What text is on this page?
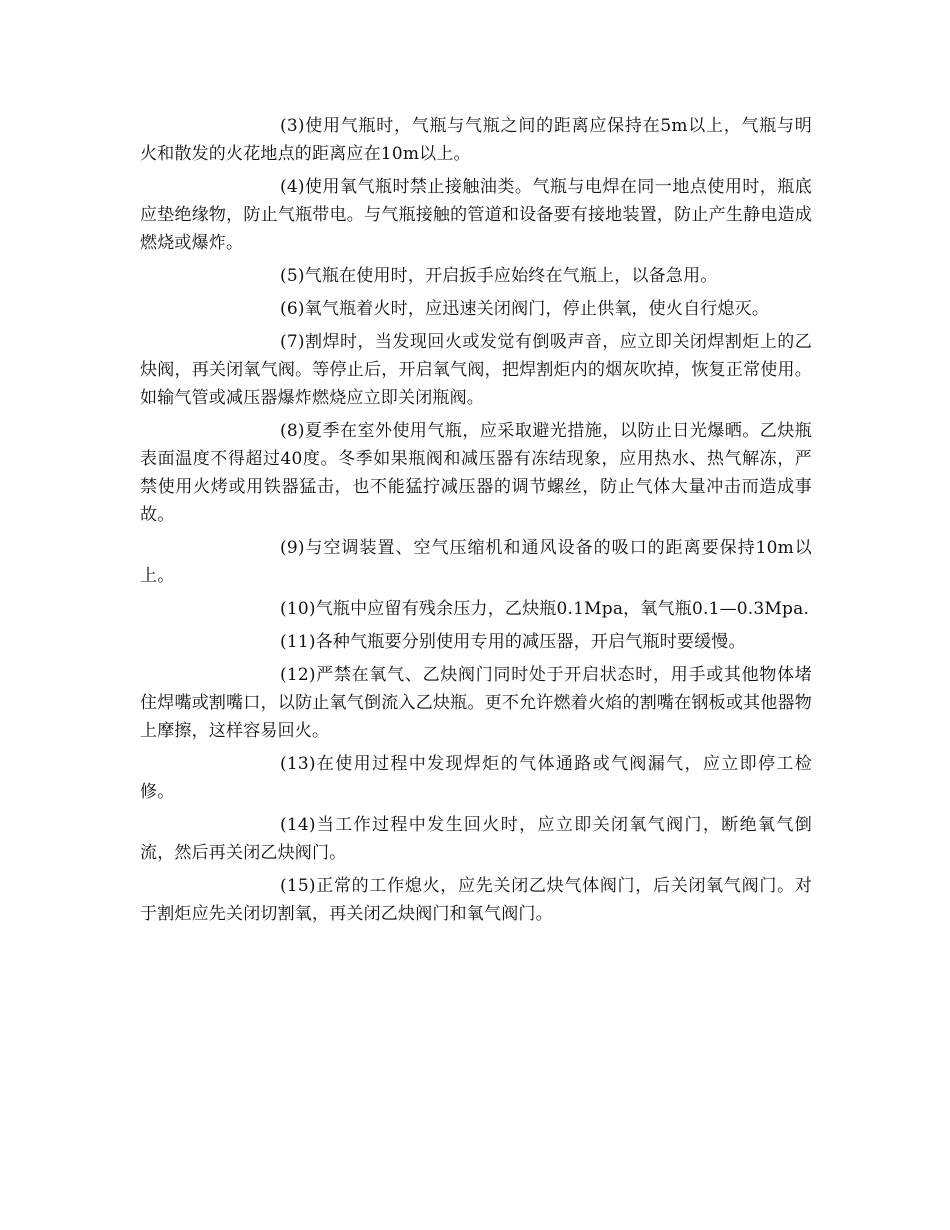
(3)使用气瓶时，气瓶与气瓶之间的距离应保持在5m以上，气瓶与明火和散发的火花地点的距离应在10m以上。

(4)使用氧气瓶时禁止接触油类。气瓶与电焊在同一地点使用时，瓶底应垫绝缘物，防止气瓶带电。与气瓶接触的管道和设备要有接地装置，防止产生静电造成燃烧或爆炸。

(5)气瓶在使用时，开启扳手应始终在气瓶上，以备急用。

(6)氧气瓶着火时，应迅速关闭阀门，停止供氧，使火自行熄灭。

(7)割焊时，当发现回火或发觉有倒吸声音，应立即关闭焊割炬上的乙炔阀，再关闭氧气阀。等停止后，开启氧气阀，把焊割炬内的烟灰吹掉，恢复正常使用。如输气管或减压器爆炸燃烧应立即关闭瓶阀。

(8)夏季在室外使用气瓶，应采取避光措施，以防止日光爆晒。乙炔瓶表面温度不得超过40度。冬季如果瓶阀和减压器有冻结现象，应用热水、热气解冻，严禁使用火烤或用铁器猛击，也不能猛拧减压器的调节螺丝，防止气体大量冲击而造成事故。

(9)与空调装置、空气压缩机和通风设备的吸口的距离要保持10m以上。

(10)气瓶中应留有残余压力，乙炔瓶0.1Mpa，氧气瓶0.1—0.3Mpa.

(11)各种气瓶要分别使用专用的减压器，开启气瓶时要缓慢。

(12)严禁在氧气、乙炔阀门同时处于开启状态时，用手或其他物体堵住焊嘴或割嘴口，以防止氧气倒流入乙炔瓶。更不允许燃着火焰的割嘴在钢板或其他器物上摩擦，这样容易回火。

(13)在使用过程中发现焊炬的气体通路或气阀漏气，应立即停工检修。

(14)当工作过程中发生回火时，应立即关闭氧气阀门，断绝氧气倒流，然后再关闭乙炔阀门。

(15)正常的工作熄火，应先关闭乙炔气体阀门，后关闭氧气阀门。对于割炬应先关闭切割氧，再关闭乙炔阀门和氧气阀门。
